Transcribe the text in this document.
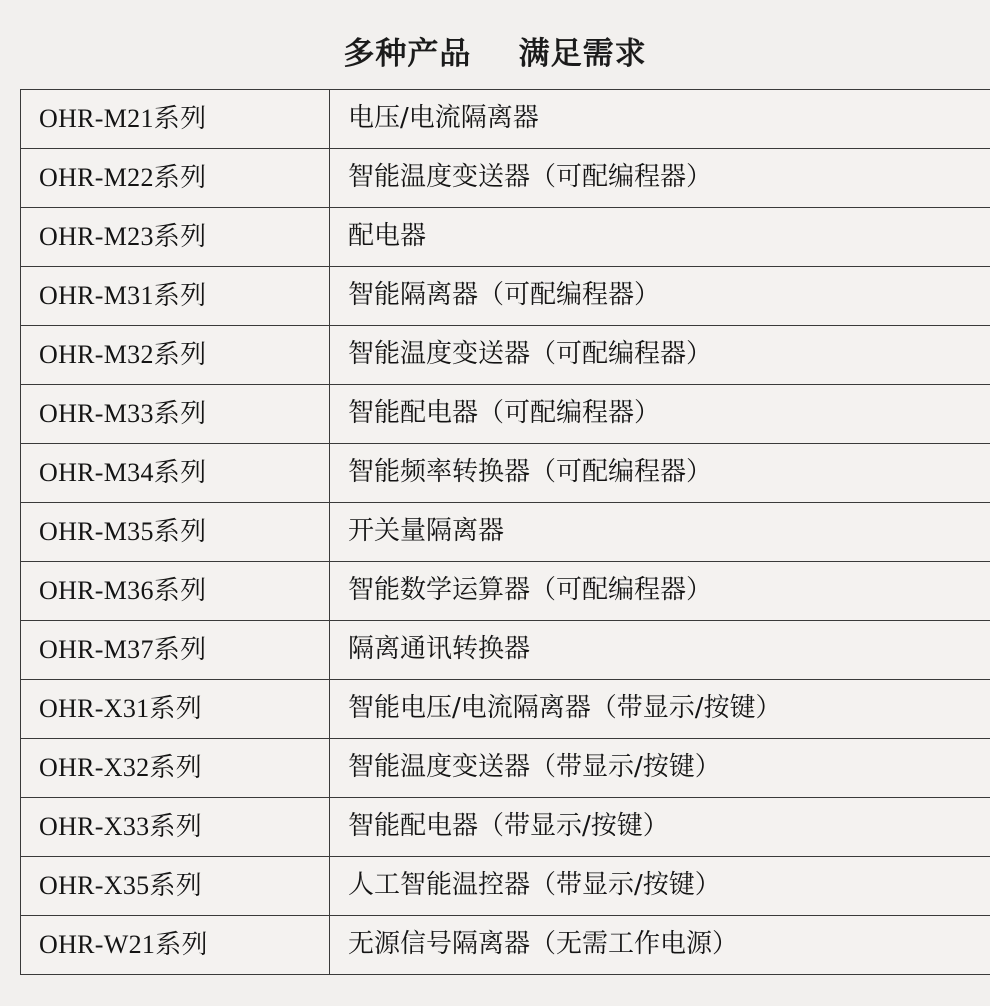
多种产品    满足需求
OHR-M21系列	电压/电流隔离器
OHR-M22系列	智能温度变送器（可配编程器）
OHR-M23系列	配电器
OHR-M31系列	智能隔离器（可配编程器）
OHR-M32系列	智能温度变送器（可配编程器）
OHR-M33系列	智能配电器（可配编程器）
OHR-M34系列	智能频率转换器（可配编程器）
OHR-M35系列	开关量隔离器
OHR-M36系列	智能数学运算器（可配编程器）
OHR-M37系列	隔离通讯转换器
OHR-X31系列	智能电压/电流隔离器（带显示/按键）
OHR-X32系列	智能温度变送器（带显示/按键）
OHR-X33系列	智能配电器（带显示/按键）
OHR-X35系列	人工智能温控器（带显示/按键）
OHR-W21系列	无源信号隔离器（无需工作电源）
